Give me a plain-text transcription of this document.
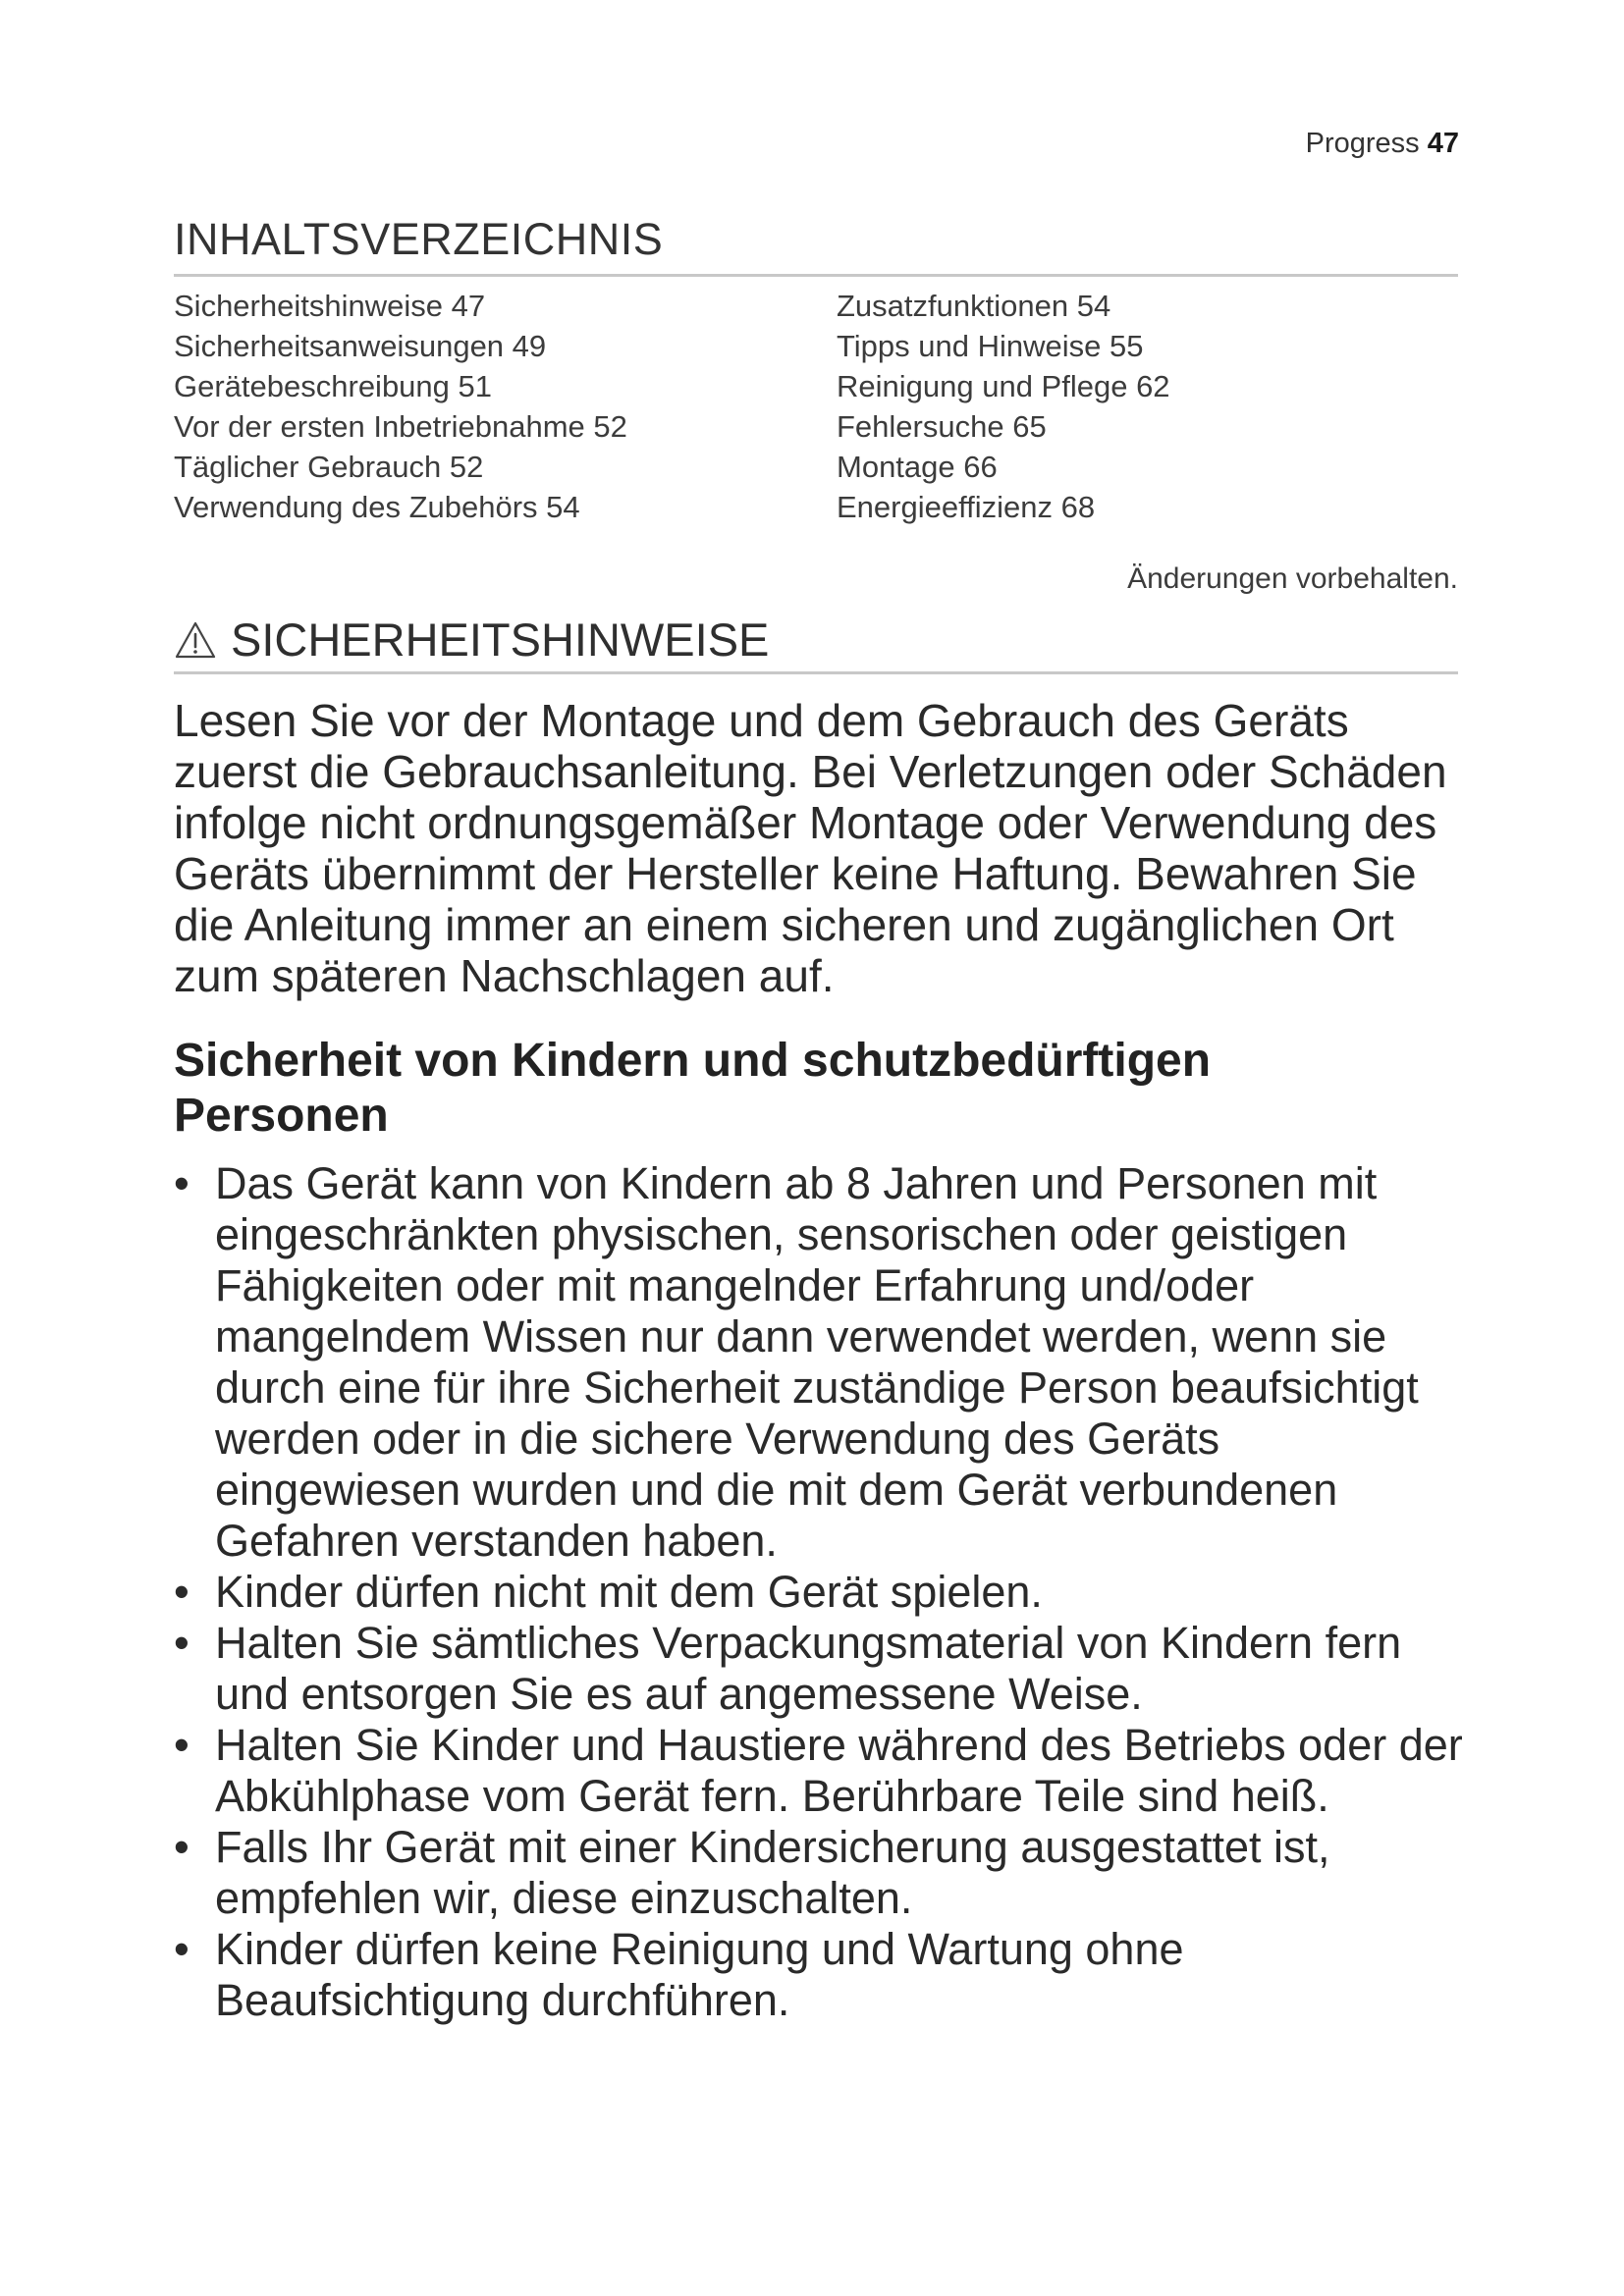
Progress 47
INHALTSVERZEICHNIS
Sicherheitshinweise 47
Sicherheitsanweisungen 49
Gerätebeschreibung 51
Vor der ersten Inbetriebnahme 52
Täglicher Gebrauch 52
Verwendung des Zubehörs 54
Zusatzfunktionen 54
Tipps und Hinweise 55
Reinigung und Pflege 62
Fehlersuche 65
Montage 66
Energieeffizienz 68
Änderungen vorbehalten.
SICHERHEITSHINWEISE
Lesen Sie vor der Montage und dem Gebrauch des Geräts zuerst die Gebrauchsanleitung. Bei Verletzungen oder Schäden infolge nicht ordnungsgemäßer Montage oder Verwendung des Geräts übernimmt der Hersteller keine Haftung. Bewahren Sie die Anleitung immer an einem sicheren und zugänglichen Ort zum späteren Nachschlagen auf.
Sicherheit von Kindern und schutzbedürftigen Personen
• Das Gerät kann von Kindern ab 8 Jahren und Personen mit eingeschränkten physischen, sensorischen oder geistigen Fähigkeiten oder mit mangelnder Erfahrung und/oder mangelndem Wissen nur dann verwendet werden, wenn sie durch eine für ihre Sicherheit zuständige Person beaufsichtigt werden oder in die sichere Verwendung des Geräts eingewiesen wurden und die mit dem Gerät verbundenen Gefahren verstanden haben.
• Kinder dürfen nicht mit dem Gerät spielen.
• Halten Sie sämtliches Verpackungsmaterial von Kindern fern und entsorgen Sie es auf angemessene Weise.
• Halten Sie Kinder und Haustiere während des Betriebs oder der Abkühlphase vom Gerät fern. Berührbare Teile sind heiß.
• Falls Ihr Gerät mit einer Kindersicherung ausgestattet ist, empfehlen wir, diese einzuschalten.
• Kinder dürfen keine Reinigung und Wartung ohne Beaufsichtigung durchführen.
